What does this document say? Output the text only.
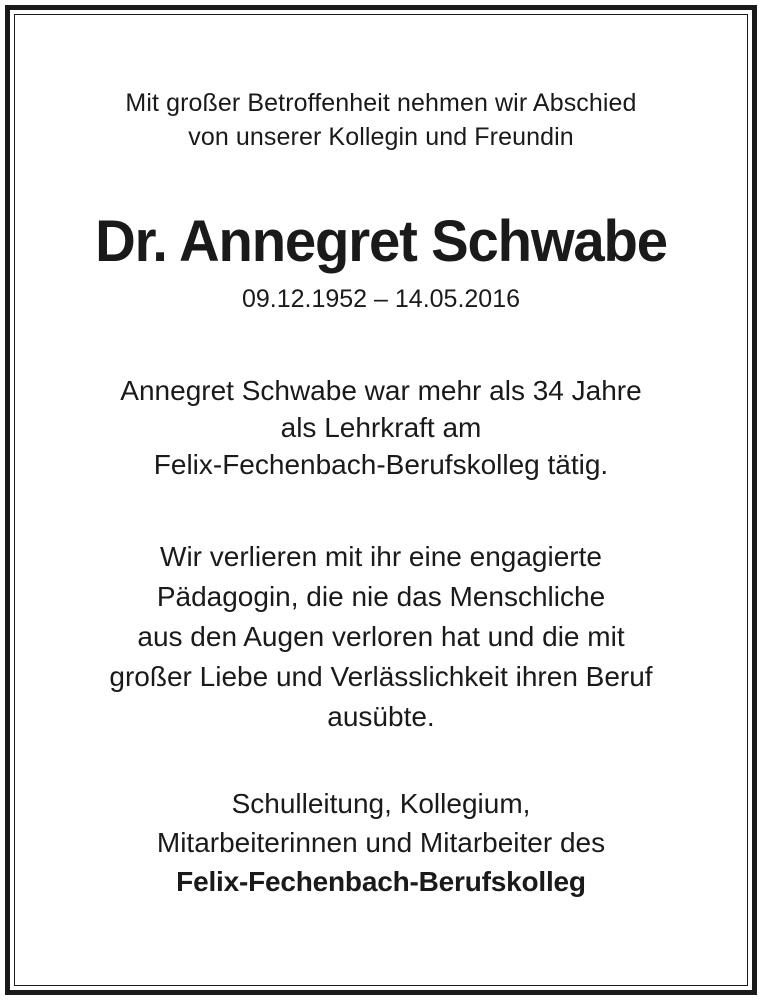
Mit großer Betroffenheit nehmen wir Abschied
von unserer Kollegin und Freundin
Dr. Annegret Schwabe
09.12.1952 – 14.05.2016
Annegret Schwabe war mehr als 34 Jahre
als Lehrkraft am
Felix-Fechenbach-Berufskolleg tätig.
Wir verlieren mit ihr eine engagierte
Pädagogin, die nie das Menschliche
aus den Augen verloren hat und die mit
großer Liebe und Verlässlichkeit ihren Beruf
ausübte.
Schulleitung, Kollegium,
Mitarbeiterinnen und Mitarbeiter des
Felix-Fechenbach-Berufskolleg
